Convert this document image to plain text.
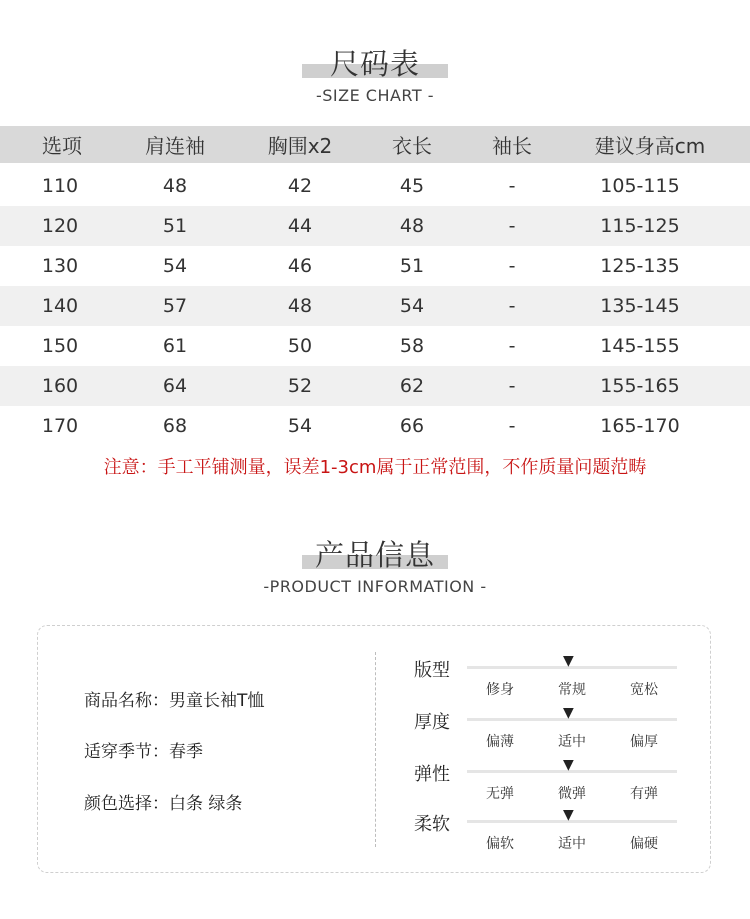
尺码表
-SIZE CHART -
选项	肩连袖	胸围x2	衣长	袖长	建议身高cm
110	48	42	45	-	105-115
120	51	44	48	-	115-125
130	54	46	51	-	125-135
140	57	48	54	-	135-145
150	61	50	58	-	145-155
160	64	52	62	-	155-165
170	68	54	66	-	165-170
注意：手工平铺测量，误差1-3cm属于正常范围，不作质量问题范畴
产品信息
-PRODUCT INFORMATION -
商品名称：男童长袖T恤
适穿季节：春季
颜色选择：白条 绿条
版型	▼
修身	常规	宽松
厚度	▼
偏薄	适中	偏厚
弹性	▼
无弹	微弹	有弹
柔软	▼
偏软	适中	偏硬
